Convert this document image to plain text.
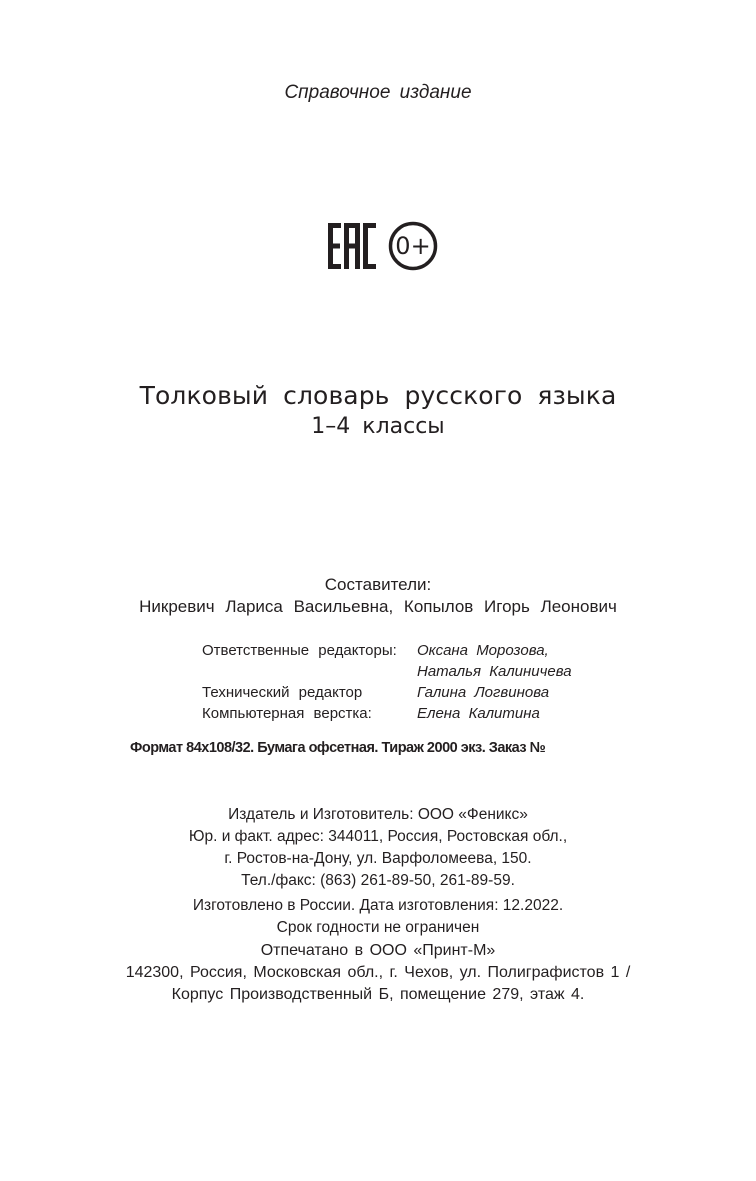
Справочное издание
0+
Толковый словарь русского языка
1–4 классы
Составители:
Никревич Лариса Васильевна, Копылов Игорь Леонович
Ответственные редакторы:	Оксана Морозова,
Наталья Калиничева
Технический редактор	Галина Логвинова
Компьютерная верстка:	Елена Калитина
Формат 84x108/32. Бумага офсетная. Тираж 2000 экз. Заказ №
Издатель и Изготовитель: ООО «Феникс»
Юр. и факт. адрес: 344011, Россия, Ростовская обл.,
г. Ростов-на-Дону, ул. Варфоломеева, 150.
Тел./факс: (863) 261-89-50, 261-89-59.
Изготовлено в России. Дата изготовления: 12.2022.
Срок годности не ограничен
Отпечатано в ООО «Принт-М»
142300, Россия, Московская обл., г. Чехов, ул. Полиграфистов 1 /
Корпус Производственный Б, помещение 279, этаж 4.
